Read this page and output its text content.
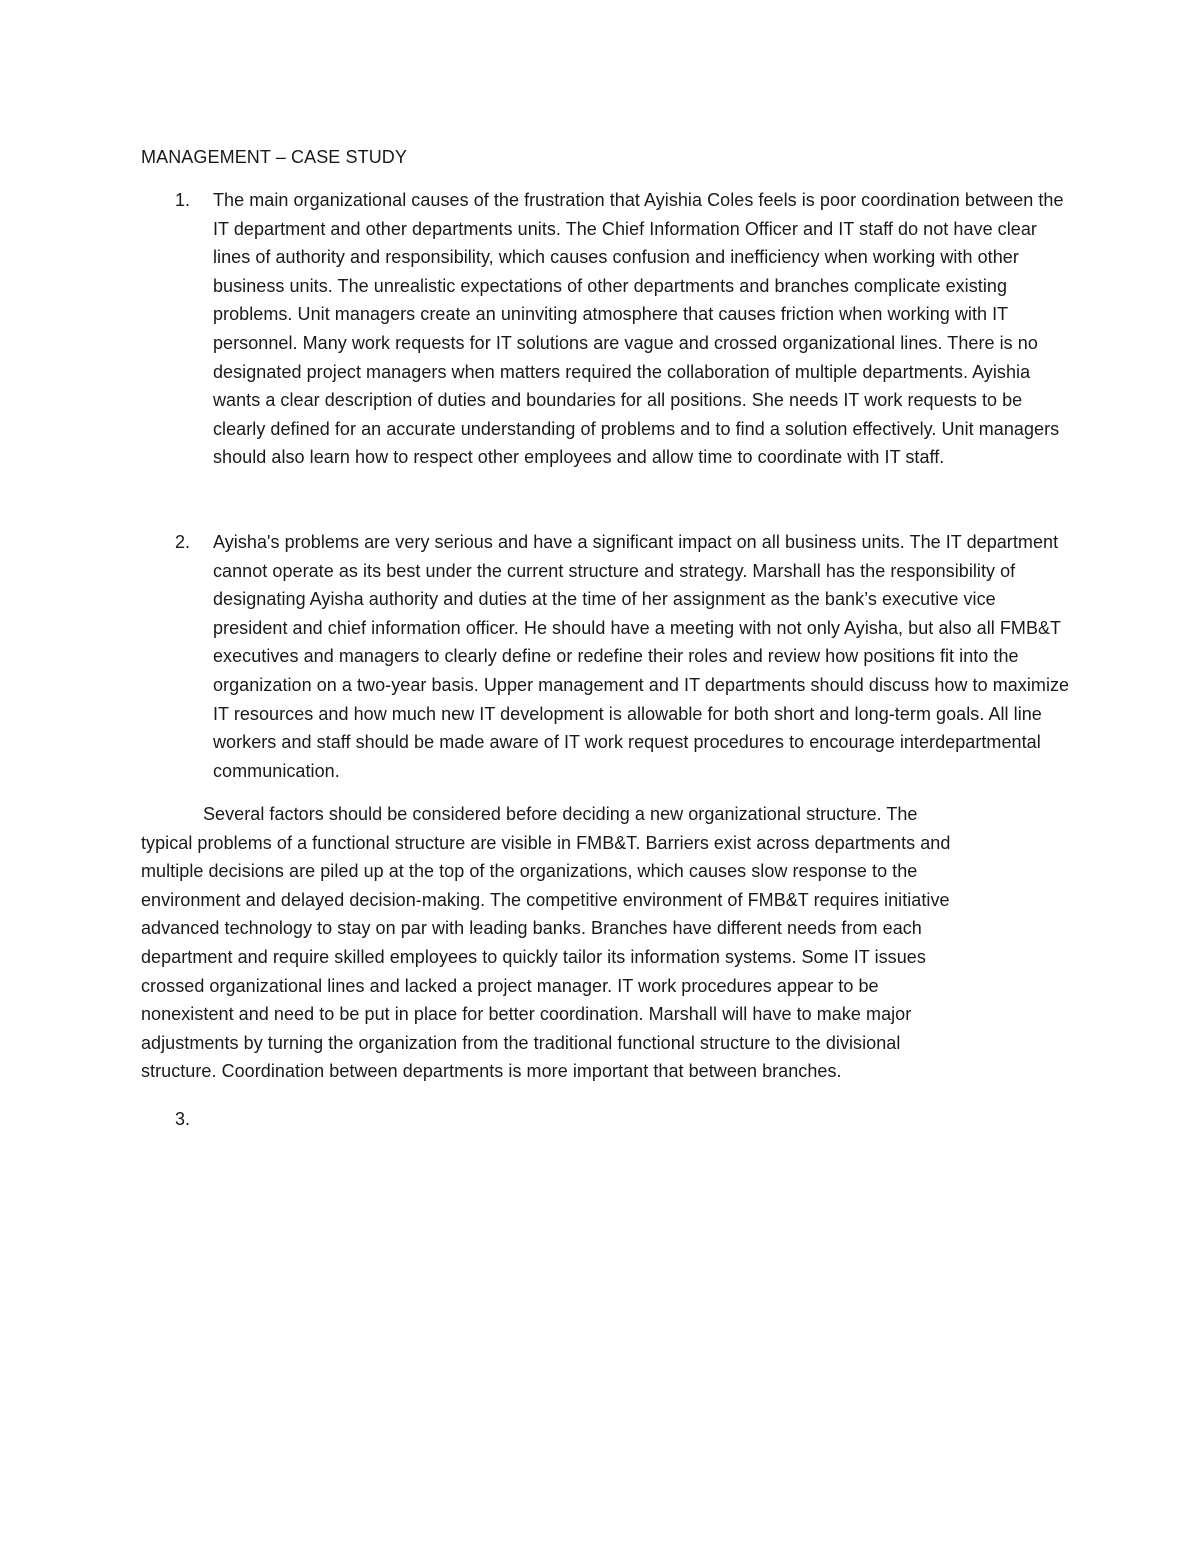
MANAGEMENT – CASE STUDY
1. The main organizational causes of the frustration that Ayishia Coles feels is poor coordination between the IT department and other departments units. The Chief Information Officer and IT staff do not have clear lines of authority and responsibility, which causes confusion and inefficiency when working with other business units. The unrealistic expectations of other departments and branches complicate existing problems. Unit managers create an uninviting atmosphere that causes friction when working with IT personnel. Many work requests for IT solutions are vague and crossed organizational lines. There is no designated project managers when matters required the collaboration of multiple departments. Ayishia wants a clear description of duties and boundaries for all positions. She needs IT work requests to be clearly defined for an accurate understanding of problems and to find a solution effectively. Unit managers should also learn how to respect other employees and allow time to coordinate with IT staff.

2. Ayisha's problems are very serious and have a significant impact on all business units. The IT department cannot operate as its best under the current structure and strategy. Marshall has the responsibility of designating Ayisha authority and duties at the time of her assignment as the bank’s executive vice president and chief information officer. He should have a meeting with not only Ayisha, but also all FMB&T executives and managers to clearly define or redefine their roles and review how positions fit into the organization on a two-year basis. Upper management and IT departments should discuss how to maximize IT resources and how much new IT development is allowable for both short and long-term goals. All line workers and staff should be made aware of IT work request procedures to encourage interdepartmental communication.

Several factors should be considered before deciding a new organizational structure. The typical problems of a functional structure are visible in FMB&T. Barriers exist across departments and multiple decisions are piled up at the top of the organizations, which causes slow response to the environment and delayed decision-making. The competitive environment of FMB&T requires initiative advanced technology to stay on par with leading banks. Branches have different needs from each department and require skilled employees to quickly tailor its information systems. Some IT issues crossed organizational lines and lacked a project manager. IT work procedures appear to be nonexistent and need to be put in place for better coordination. Marshall will have to make major adjustments by turning the organization from the traditional functional structure to the divisional structure. Coordination between departments is more important that between branches.

3.
